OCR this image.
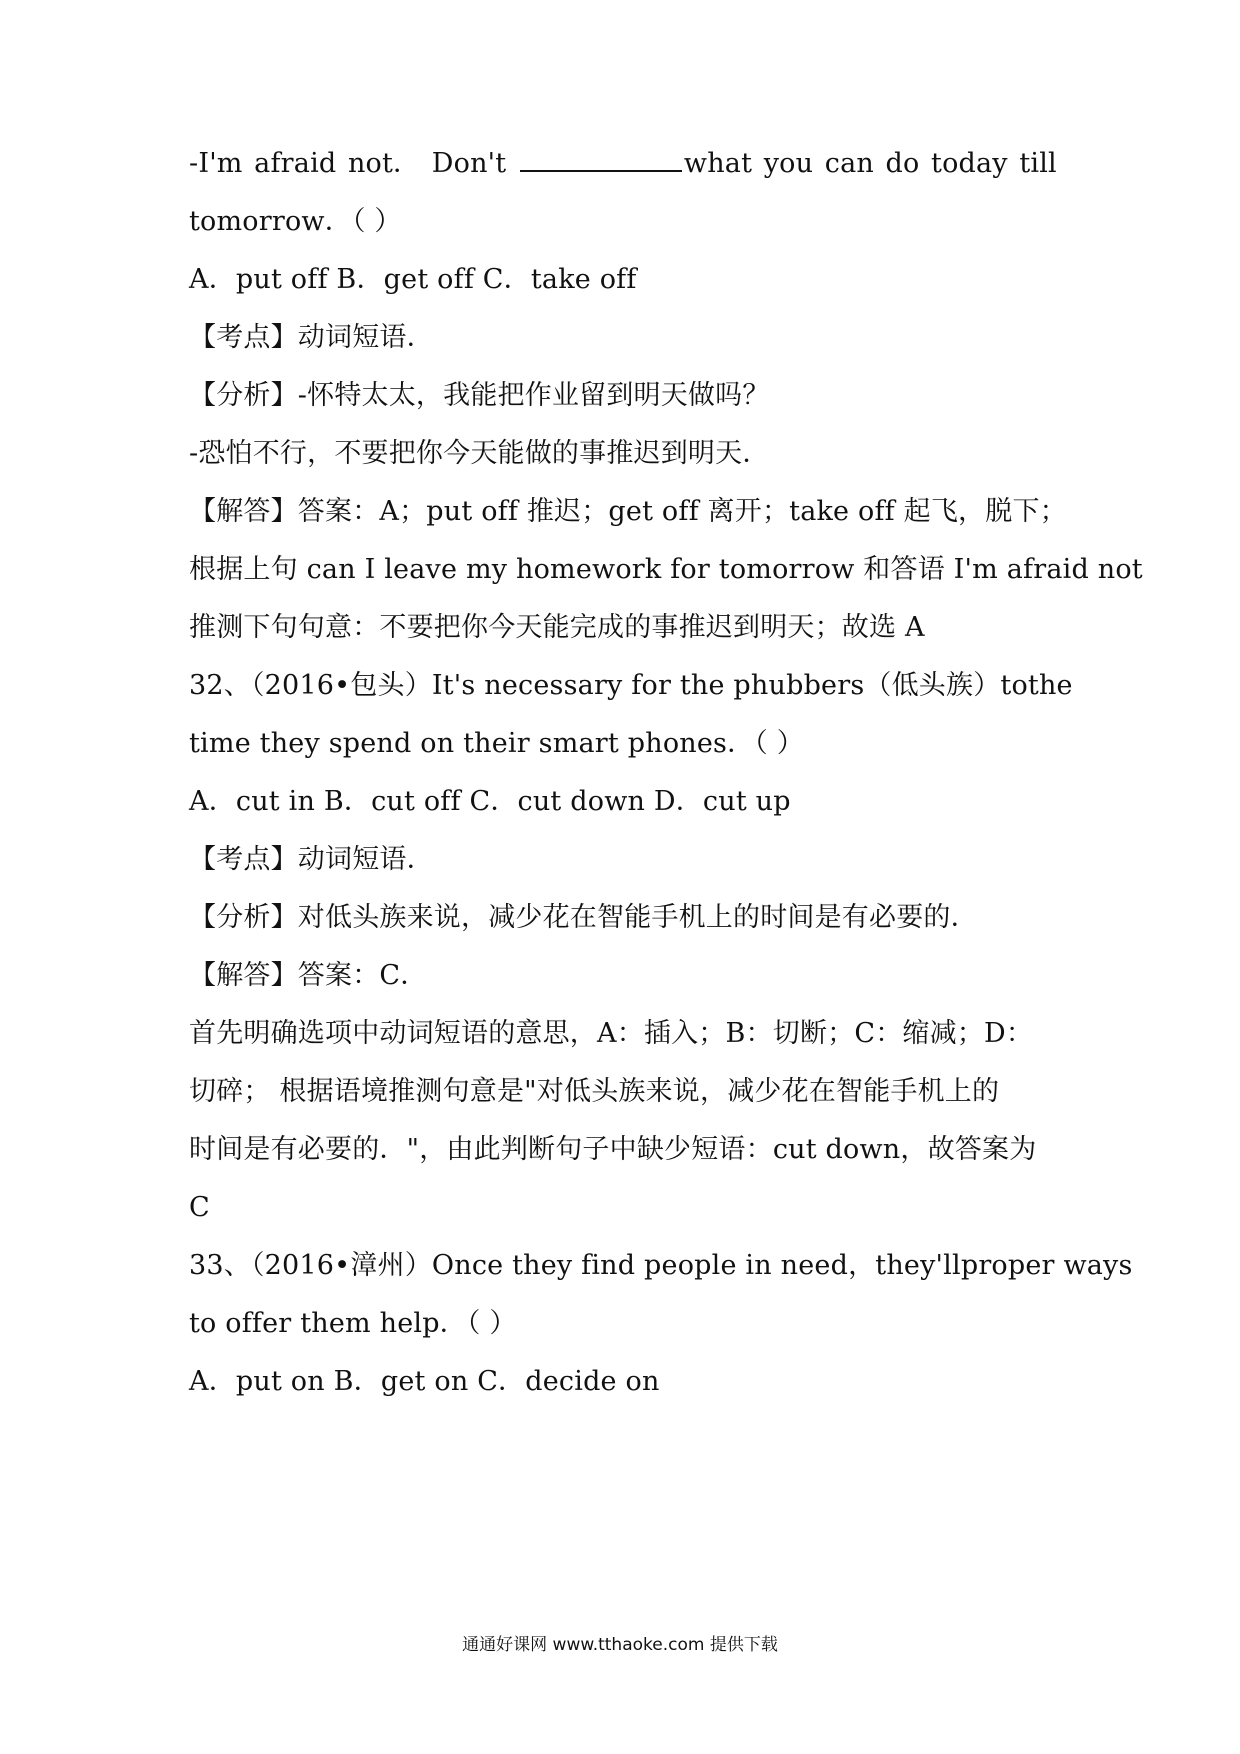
-I'm afraid not． Don't	what you can do today till
tomorrow．（ ）
A．put off B．get off C．take off
【考点】动词短语．
【分析】-怀特太太，我能把作业留到明天做吗？
-恐怕不行，不要把你今天能做的事推迟到明天．
【解答】答案：A；put off 推迟；get off 离开；take off 起飞，脱下；
根据上句 can I leave my homework for tomorrow 和答语 I'm afraid not
推测下句句意：不要把你今天能完成的事推迟到明天；故选 A
32、（2016•包头）It's necessary for the phubbers（低头族）to the
time they spend on their smart phones．（ ）
A．cut in B．cut off C．cut down D．cut up
【考点】动词短语．
【分析】对低头族来说，减少花在智能手机上的时间是有必要的．
【解答】答案：C．
首先明确选项中动词短语的意思，A：插入；B：切断；C：缩减；D：
切碎； 根据语境推测句意是"对低头族来说，减少花在智能手机上的
时间是有必要的．"，由此判断句子中缺少短语：cut down，故答案为
C
33、（2016•漳州）Once they find people in need，they'll proper ways
to offer them help．（ ）
A．put on B．get on C．decide on
通通好课网 www.tthaoke.com 提供下载
